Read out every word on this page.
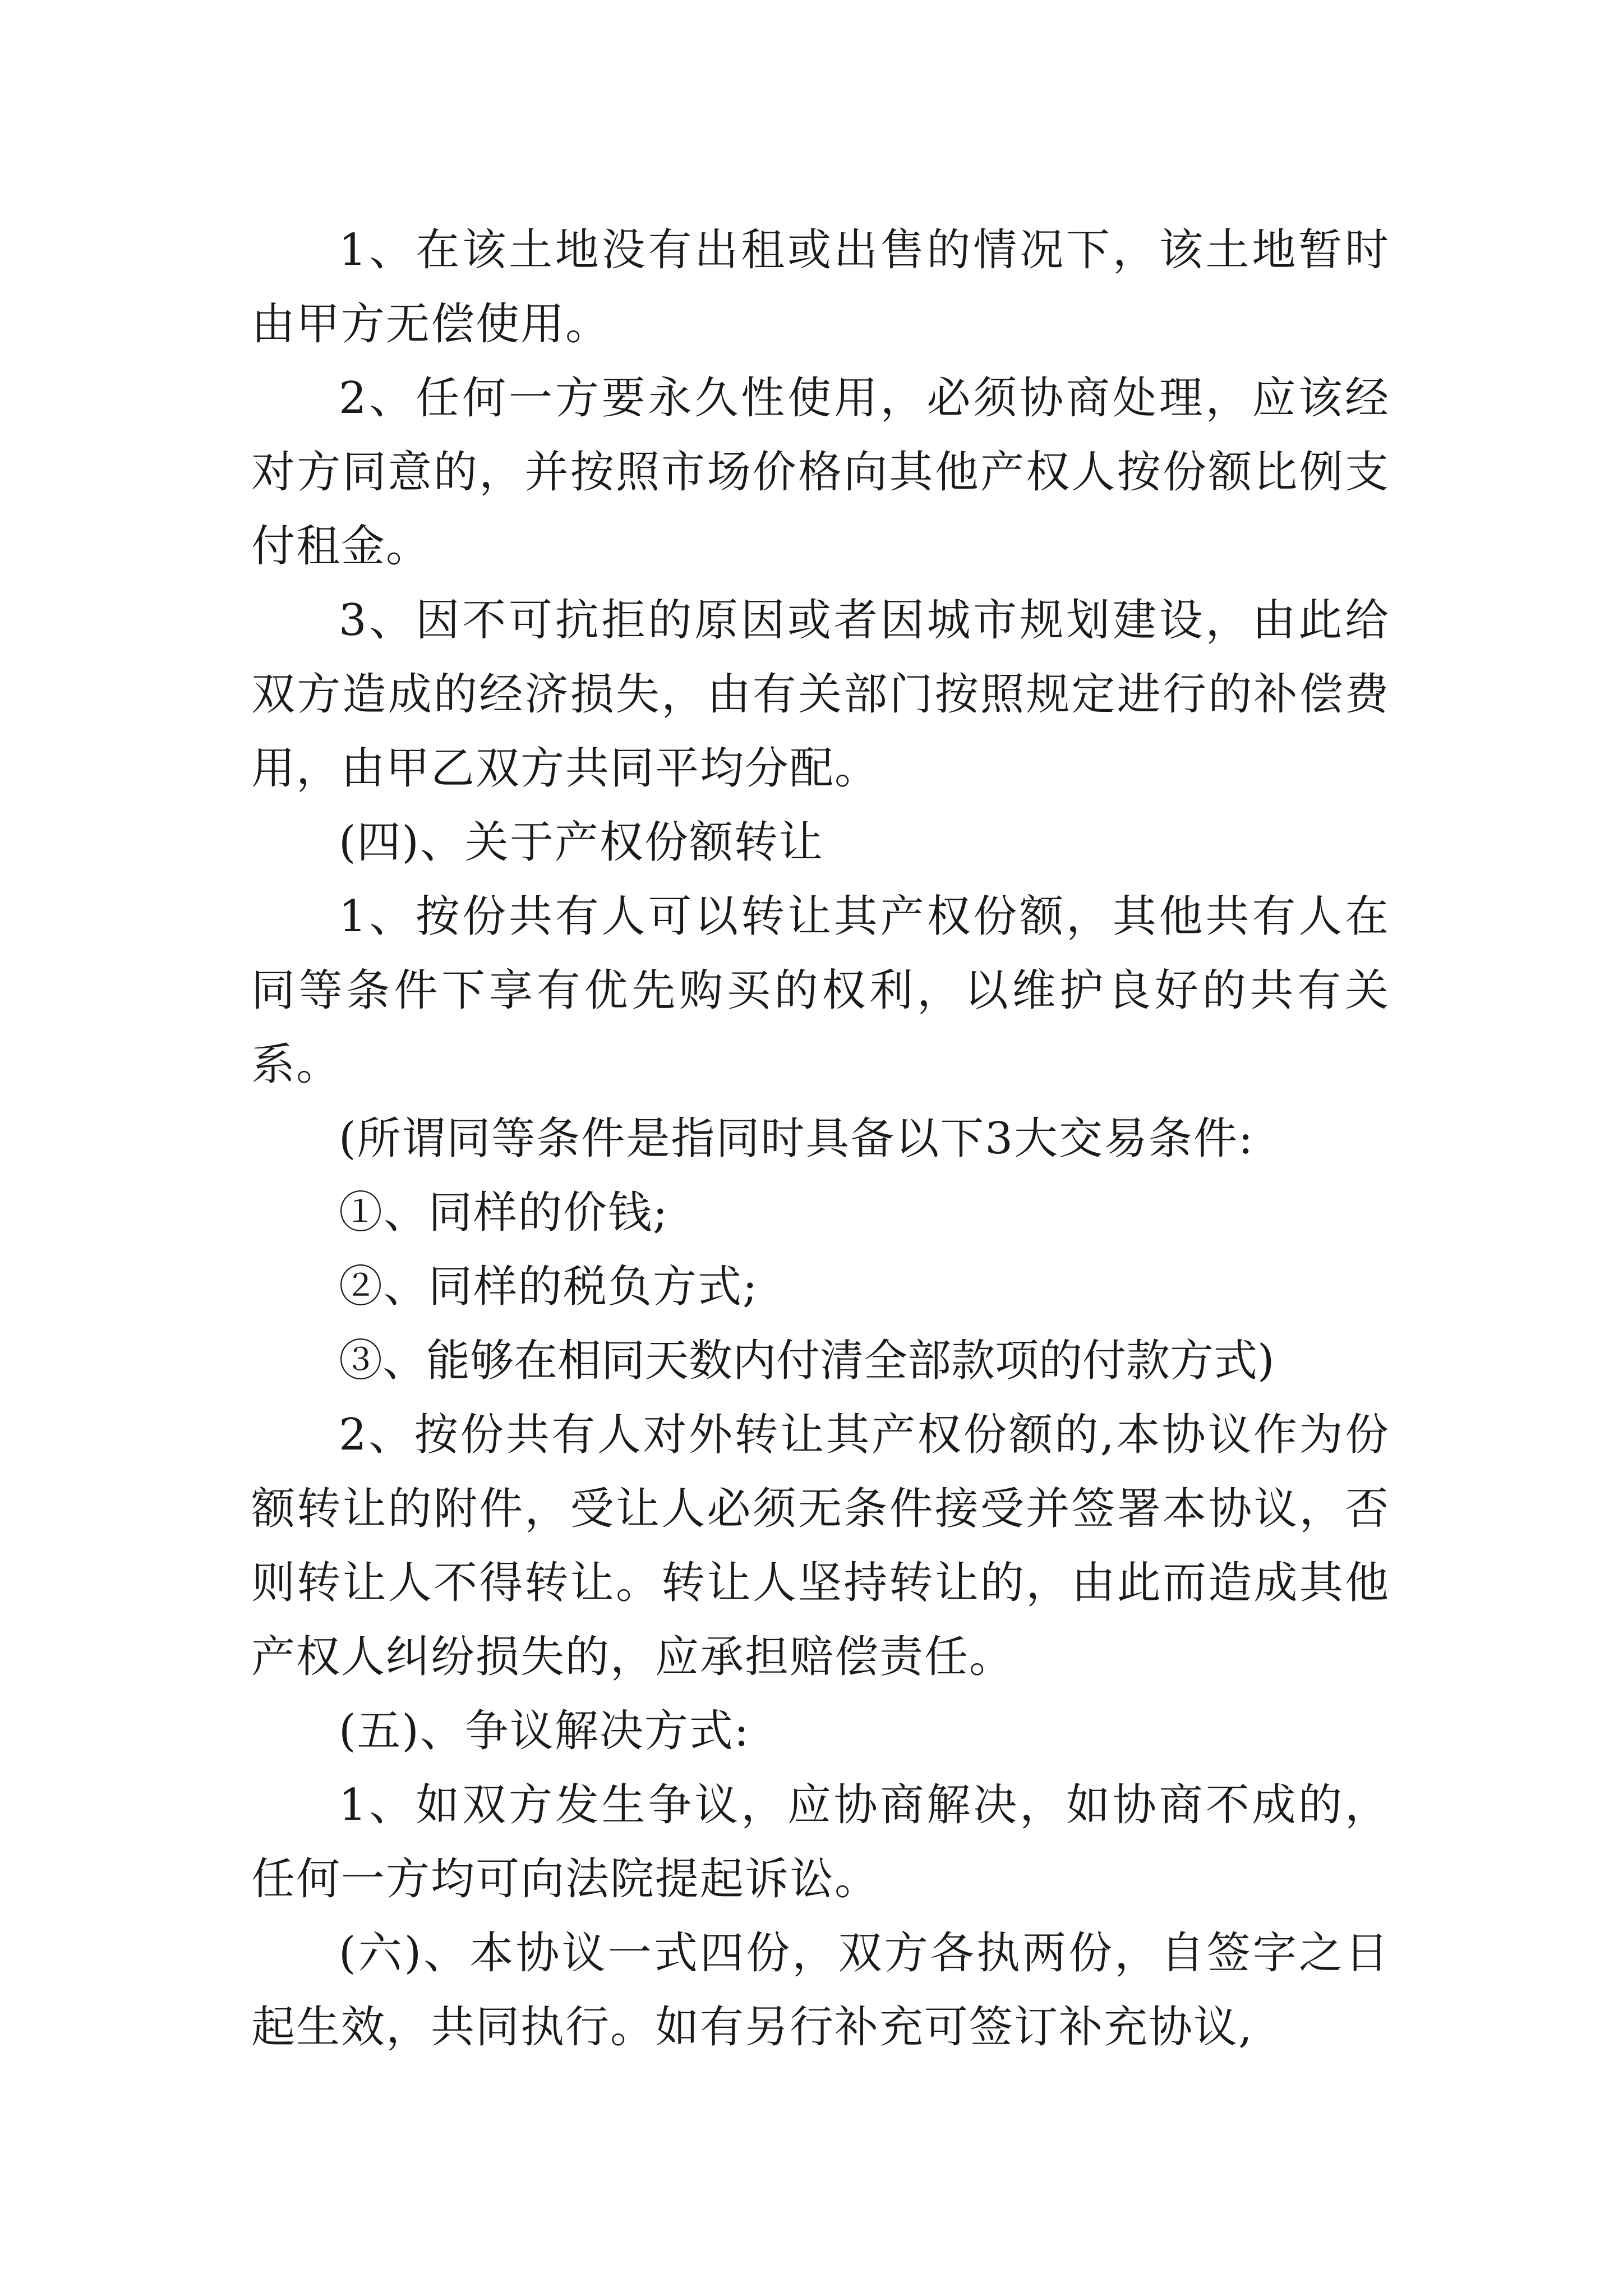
1、在该土地没有出租或出售的情况下，该土地暂时由甲方无偿使用。

2、任何一方要永久性使用，必须协商处理，应该经对方同意的，并按照市场价格向其他产权人按份额比例支付租金。

3、因不可抗拒的原因或者因城市规划建设，由此给双方造成的经济损失，由有关部门按照规定进行的补偿费用，由甲乙双方共同平均分配。

(四)、关于产权份额转让

1、按份共有人可以转让其产权份额，其他共有人在同等条件下享有优先购买的权利，以维护良好的共有关系。

(所谓同等条件是指同时具备以下3大交易条件:

①、同样的价钱;

②、同样的税负方式;

③、能够在相同天数内付清全部款项的付款方式)

2、按份共有人对外转让其产权份额的,本协议作为份额转让的附件，受让人必须无条件接受并签署本协议，否则转让人不得转让。转让人坚持转让的，由此而造成其他产权人纠纷损失的，应承担赔偿责任。

(五)、争议解决方式:

1、如双方发生争议，应协商解决，如协商不成的，任何一方均可向法院提起诉讼。

(六)、本协议一式四份，双方各执两份，自签字之日起生效，共同执行。如有另行补充可签订补充协议,
